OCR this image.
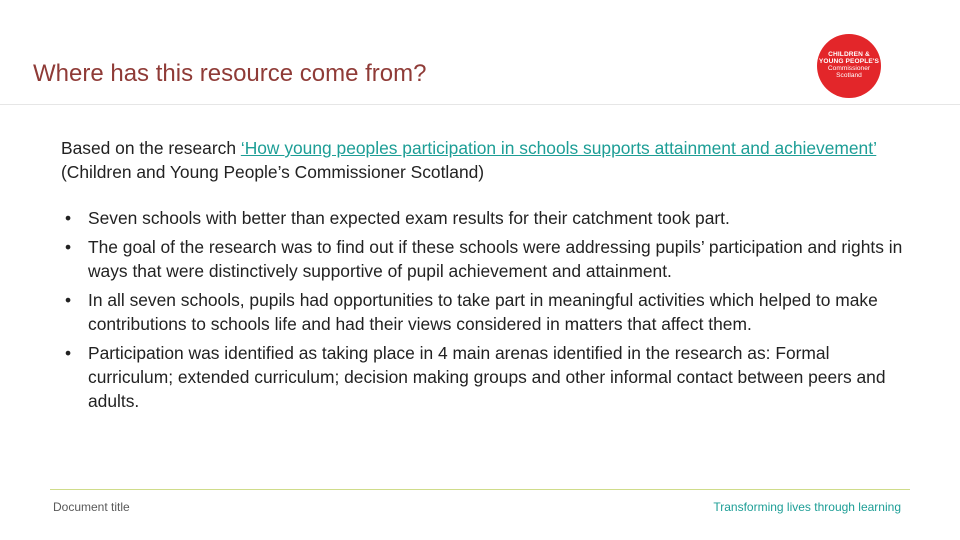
Where has this resource come from?
CHILDREN &
YOUNG PEOPLE'S
Commissioner
Scotland

Based on the research ‘How young peoples participation in schools supports attainment and achievement’ (Children and Young People’s Commissioner Scotland)

• Seven schools with better than expected exam results for their catchment took part.
• The goal of the research was to find out if these schools were addressing pupils’ participation and rights in ways that were distinctively supportive of pupil achievement and attainment.
• In all seven schools, pupils had opportunities to take part in meaningful activities which helped to make contributions to schools life and had their views considered in matters that affect them.
• Participation was identified as taking place in 4 main arenas identified in the research as: Formal curriculum; extended curriculum; decision making groups and other informal contact between peers and adults.
Document title	Transforming lives through learning
